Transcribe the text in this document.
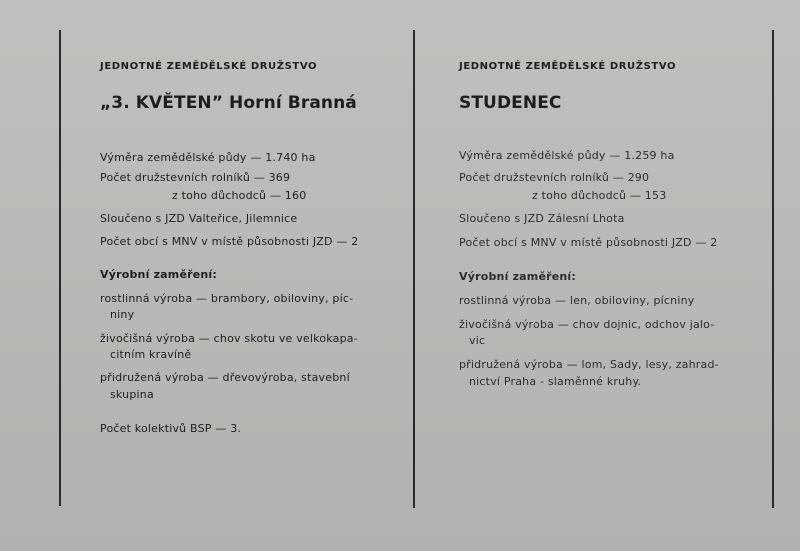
JEDNOTNÉ ZEMĚDĚLSKÉ DRUŽSTVO
„3. KVĚTEN” Horní Branná
Výměra zemědělské půdy — 1.740 ha
Počet družstevních rolníků — 369
z toho důchodců — 160
Sloučeno s JZD Valteřice, Jilemnice
Počet obcí s MNV v místě působnosti JZD — 2
Výrobní zaměření:
rostlinná výroba — brambory, obiloviny, píc-
niny
živočišná výroba — chov skotu ve velkokapa-
citním kravíně
přidružená výroba — dřevovýroba, stavební
skupina
Počet kolektivů BSP — 3.
JEDNOTNÉ ZEMĚDĚLSKÉ DRUŽSTVO
STUDENEC
Výměra zemědělské půdy — 1.259 ha
Počet družstevních rolníků — 290
z toho důchodců — 153
Sloučeno s JZD Zálesní Lhota
Počet obcí s MNV v místě působnosti JZD — 2
Výrobní zaměření:
rostlinná výroba — len, obiloviny, pícniny
živočišná výroba — chov dojnic, odchov jalo-
vic
přidružená výroba — lom, Sady, lesy, zahrad-
nictví Praha - slaměnné kruhy.
